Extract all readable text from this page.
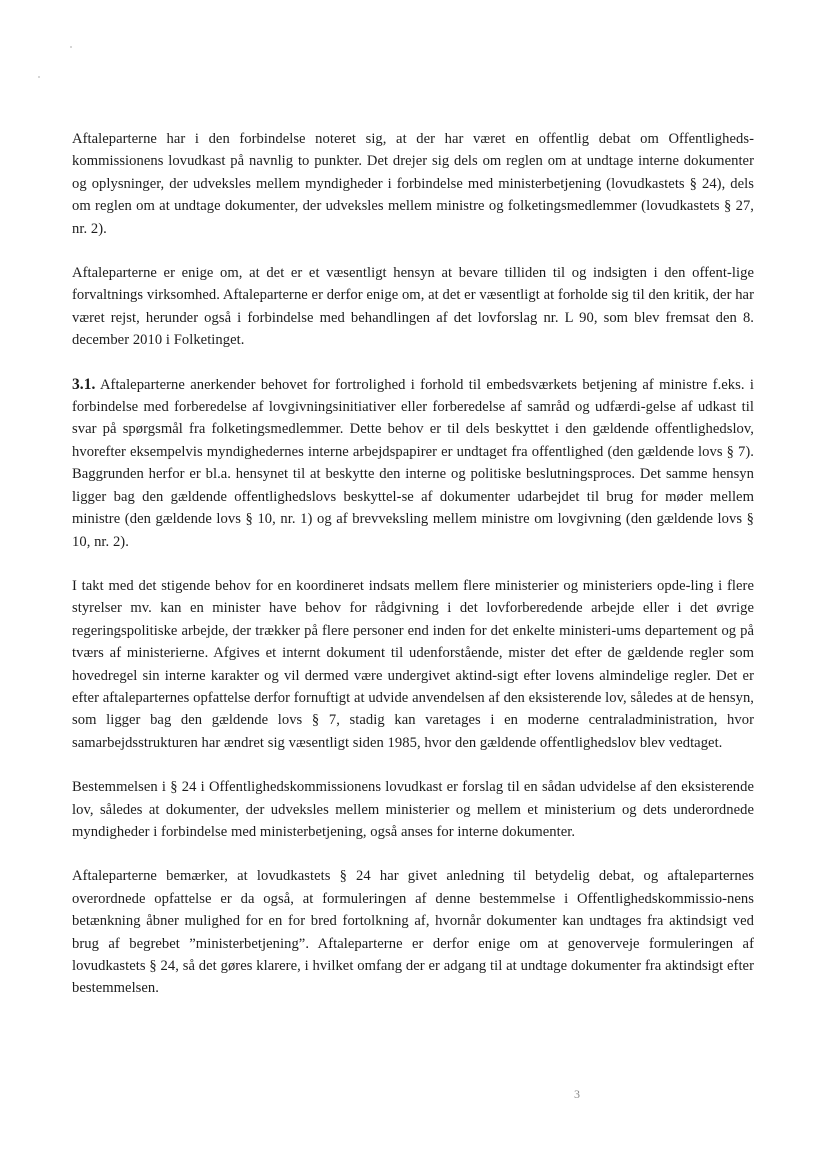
Aftaleparterne har i den forbindelse noteret sig, at der har været en offentlig debat om Offentligheds-kommissionens lovudkast på navnlig to punkter. Det drejer sig dels om reglen om at undtage interne dokumenter og oplysninger, der udveksles mellem myndigheder i forbindelse med ministerbetjening (lovudkastets § 24), dels om reglen om at undtage dokumenter, der udveksles mellem ministre og folketingsmedlemmer (lovudkastets § 27, nr. 2).

Aftaleparterne er enige om, at det er et væsentligt hensyn at bevare tilliden til og indsigten i den offent-lige forvaltnings virksomhed. Aftaleparterne er derfor enige om, at det er væsentligt at forholde sig til den kritik, der har været rejst, herunder også i forbindelse med behandlingen af det lovforslag nr. L 90, som blev fremsat den 8. december 2010 i Folketinget.

3.1. Aftaleparterne anerkender behovet for fortrolighed i forhold til embedsværkets betjening af ministre f.eks. i forbindelse med forberedelse af lovgivningsinitiativer eller forberedelse af samråd og udfærdi-gelse af udkast til svar på spørgsmål fra folketingsmedlemmer. Dette behov er til dels beskyttet i den gældende offentlighedslov, hvorefter eksempelvis myndighedernes interne arbejdspapirer er undtaget fra offentlighed (den gældende lovs § 7). Baggrunden herfor er bl.a. hensynet til at beskytte den interne og politiske beslutningsproces. Det samme hensyn ligger bag den gældende offentlighedslovs beskyttel-se af dokumenter udarbejdet til brug for møder mellem ministre (den gældende lovs § 10, nr. 1) og af brevveksling mellem ministre om lovgivning (den gældende lovs § 10, nr. 2).

I takt med det stigende behov for en koordineret indsats mellem flere ministerier og ministeriers opde-ling i flere styrelser mv. kan en minister have behov for rådgivning i det lovforberedende arbejde eller i det øvrige regeringspolitiske arbejde, der trækker på flere personer end inden for det enkelte ministeri-ums departement og på tværs af ministerierne. Afgives et internt dokument til udenforstående, mister det efter de gældende regler som hovedregel sin interne karakter og vil dermed være undergivet aktind-sigt efter lovens almindelige regler. Det er efter aftaleparternes opfattelse derfor fornuftigt at udvide anvendelsen af den eksisterende lov, således at de hensyn, som ligger bag den gældende lovs § 7, stadig kan varetages i en moderne centraladministration, hvor samarbejdsstrukturen har ændret sig væsentligt siden 1985, hvor den gældende offentlighedslov blev vedtaget.

Bestemmelsen i § 24 i Offentlighedskommissionens lovudkast er forslag til en sådan udvidelse af den eksisterende lov, således at dokumenter, der udveksles mellem ministerier og mellem et ministerium og dets underordnede myndigheder i forbindelse med ministerbetjening, også anses for interne dokumenter.

Aftaleparterne bemærker, at lovudkastets § 24 har givet anledning til betydelig debat, og aftaleparternes overordnede opfattelse er da også, at formuleringen af denne bestemmelse i Offentlighedskommissio-nens betænkning åbner mulighed for en for bred fortolkning af, hvornår dokumenter kan undtages fra aktindsigt ved brug af begrebet ”ministerbetjening”. Aftaleparterne er derfor enige om at genoverveje formuleringen af lovudkastets § 24, så det gøres klarere, i hvilket omfang der er adgang til at undtage dokumenter fra aktindsigt efter bestemmelsen.

3
